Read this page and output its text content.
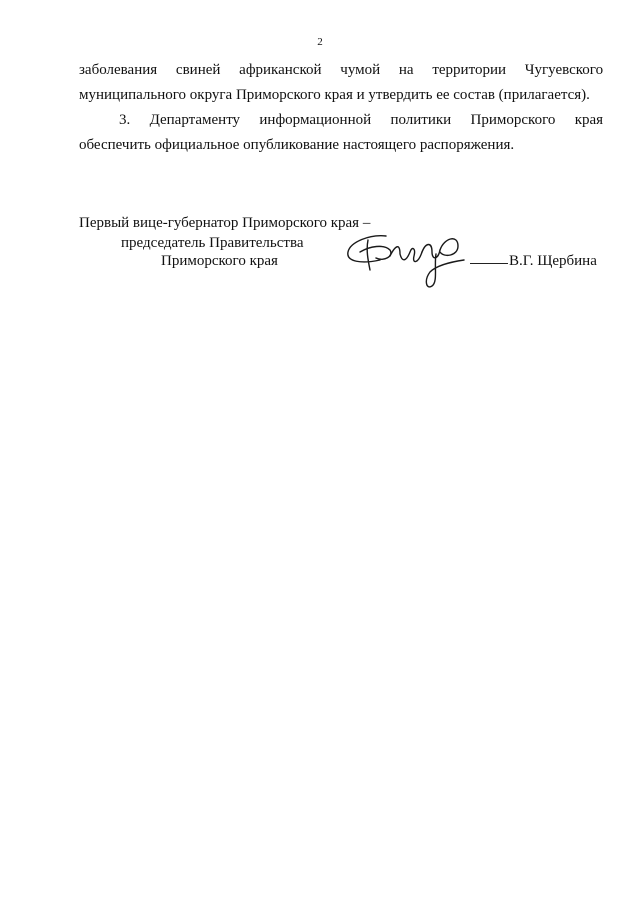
2
заболевания свиней африканской чумой на территории Чугуевского
муниципального округа Приморского края и утвердить ее состав (прилагается).
3. Департаменту информационной политики Приморского края
обеспечить официальное опубликование настоящего распоряжения.
Первый вице-губернатор Приморского края –
председатель Правительства
Приморского края	В.Г. Щербина
